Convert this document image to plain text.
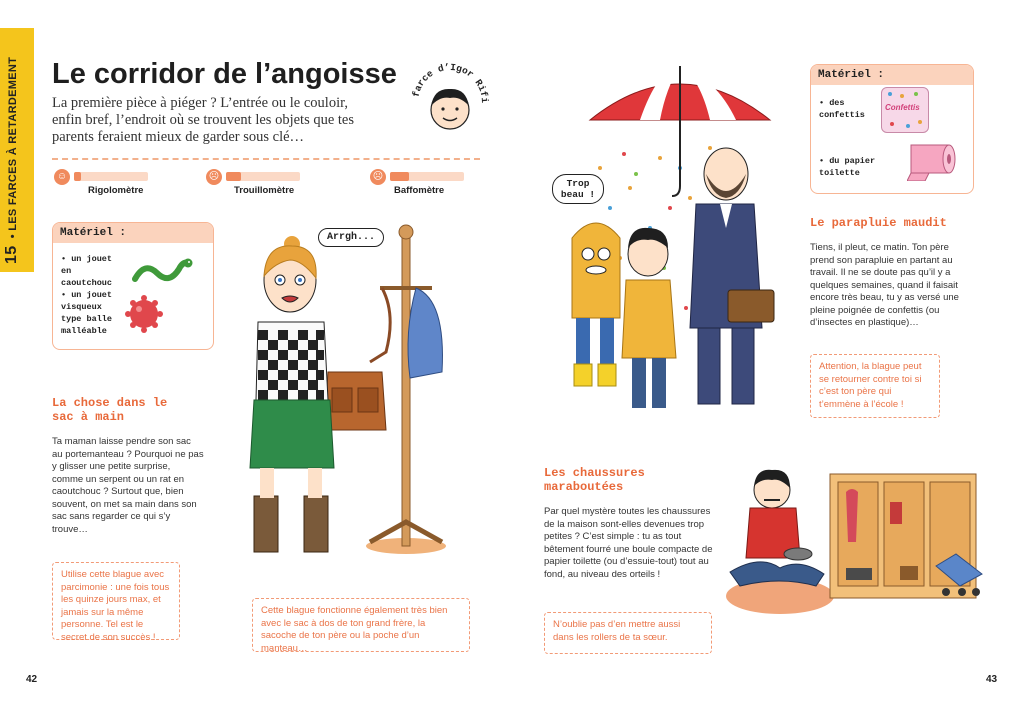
15 • LES FARCES À RETARDEMENT Le corridor de l’angoisse
La première pièce à piéger ? L’entrée ou le couloir, enfin bref, l’endroit où se trouvent les objets que tes parents feraient mieux de garder sous clé…
farce d’Igor Rifi
☺
Rigolomètre
☹
Trouillomètre
☹
Baffomètre
Matériel :
• un jouet en caoutchouc
• un jouet visqueux type balle malléable
La chose dans le sac à main
Ta maman laisse pendre son sac au portemanteau ? Pourquoi ne pas y glisser une petite surprise, comme un serpent ou un rat en caoutchouc ? Surtout que, bien souvent, on met sa main dans son sac sans regarder ce qui s’y trouve…
Utilise cette blague avec parcimonie : une fois tous les quinze jours max, et jamais sur la même personne. Tel est le secret de son succès !
Arrgh...
Cette blague fonctionne également très bien avec le sac à dos de ton grand frère, la sacoche de ton père ou la poche d’un manteau…
Trop beau !
Matériel :
• des confettis
• du papier toilette
Confettis
Le parapluie maudit
Tiens, il pleut, ce matin. Ton père prend son parapluie en partant au travail. Il ne se doute pas qu’il y a quelques semaines, quand il faisait encore très beau, tu y as versé une pleine poignée de confettis (ou d’insectes en plastique)…
Attention, la blague peut se retourner contre toi si c’est ton père qui t’emmène à l’école !
Les chaussures maraboutées
Par quel mystère toutes les chaussures de la maison sont-elles devenues trop petites ? C’est simple : tu as tout bêtement fourré une boule compacte de papier toilette (ou d’essuie-tout) tout au fond, au niveau des orteils !
N’oublie pas d’en mettre aussi dans les rollers de ta sœur.
42	43
